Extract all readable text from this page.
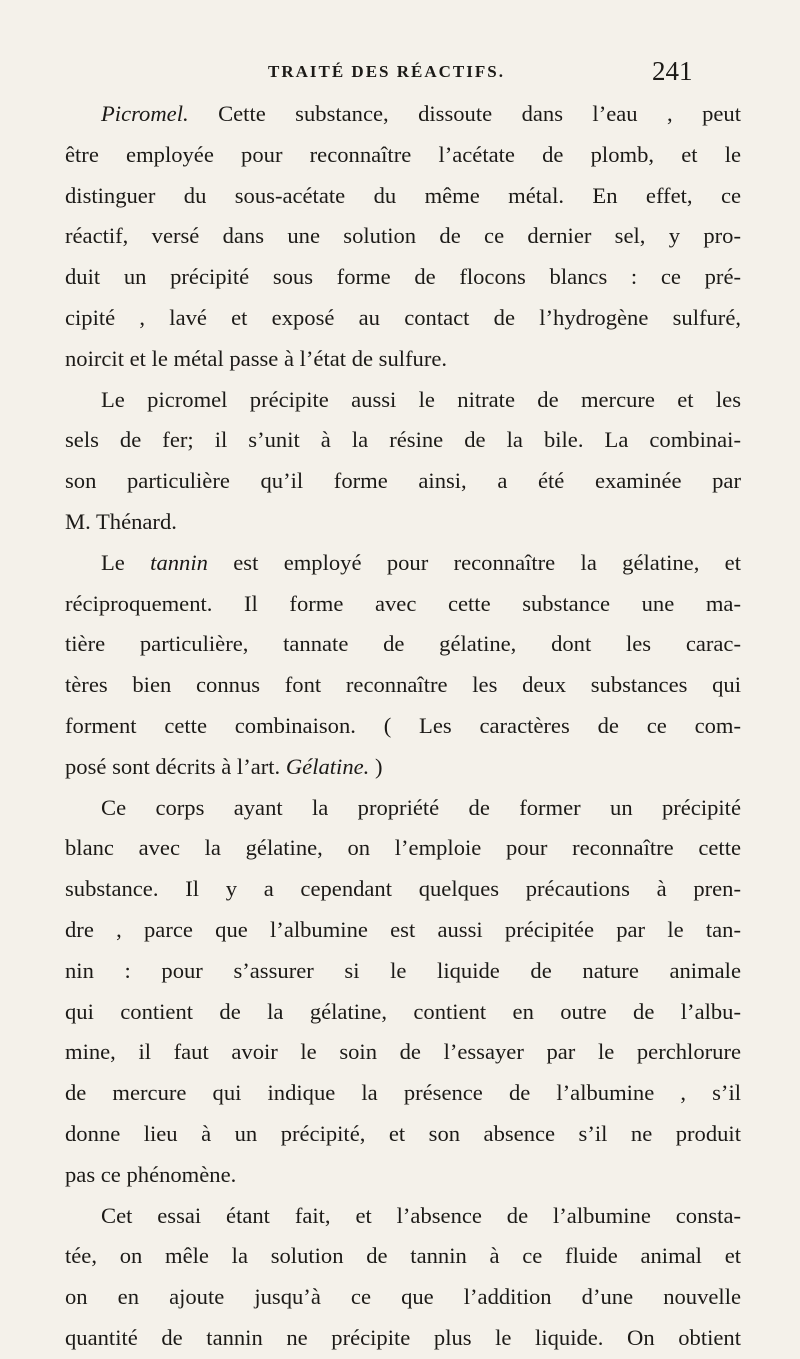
TRAITÉ DES RÉACTIFS.	241
Picromel. Cette substance, dissoute dans l’eau , peut
être employée pour reconnaître l’acétate de plomb, et le
distinguer du sous-acétate du même métal. En effet, ce
réactif, versé dans une solution de ce dernier sel, y pro-
duit un précipité sous forme de flocons blancs : ce pré-
cipité , lavé et exposé au contact de l’hydrogène sulfuré,
noircit et le métal passe à l’état de sulfure.
Le picromel précipite aussi le nitrate de mercure et les
sels de fer; il s’unit à la résine de la bile. La combinai-
son particulière qu’il forme ainsi, a été examinée par
M. Thénard.
Le tannin est employé pour reconnaître la gélatine, et
réciproquement. Il forme avec cette substance une ma-
tière particulière, tannate de gélatine, dont les carac-
tères bien connus font reconnaître les deux substances qui
forment cette combinaison. ( Les caractères de ce com-
posé sont décrits à l’art. Gélatine. )
Ce corps ayant la propriété de former un précipité
blanc avec la gélatine, on l’emploie pour reconnaître cette
substance. Il y a cependant quelques précautions à pren-
dre , parce que l’albumine est aussi précipitée par le tan-
nin : pour s’assurer si le liquide de nature animale
qui contient de la gélatine, contient en outre de l’albu-
mine, il faut avoir le soin de l’essayer par le perchlorure
de mercure qui indique la présence de l’albumine , s’il
donne lieu à un précipité, et son absence s’il ne produit
pas ce phénomène.
Cet essai étant fait, et l’absence de l’albumine consta-
tée, on mêle la solution de tannin à ce fluide animal et
on en ajoute jusqu’à ce que l’addition d’une nouvelle
quantité de tannin ne précipite plus le liquide. On obtient
